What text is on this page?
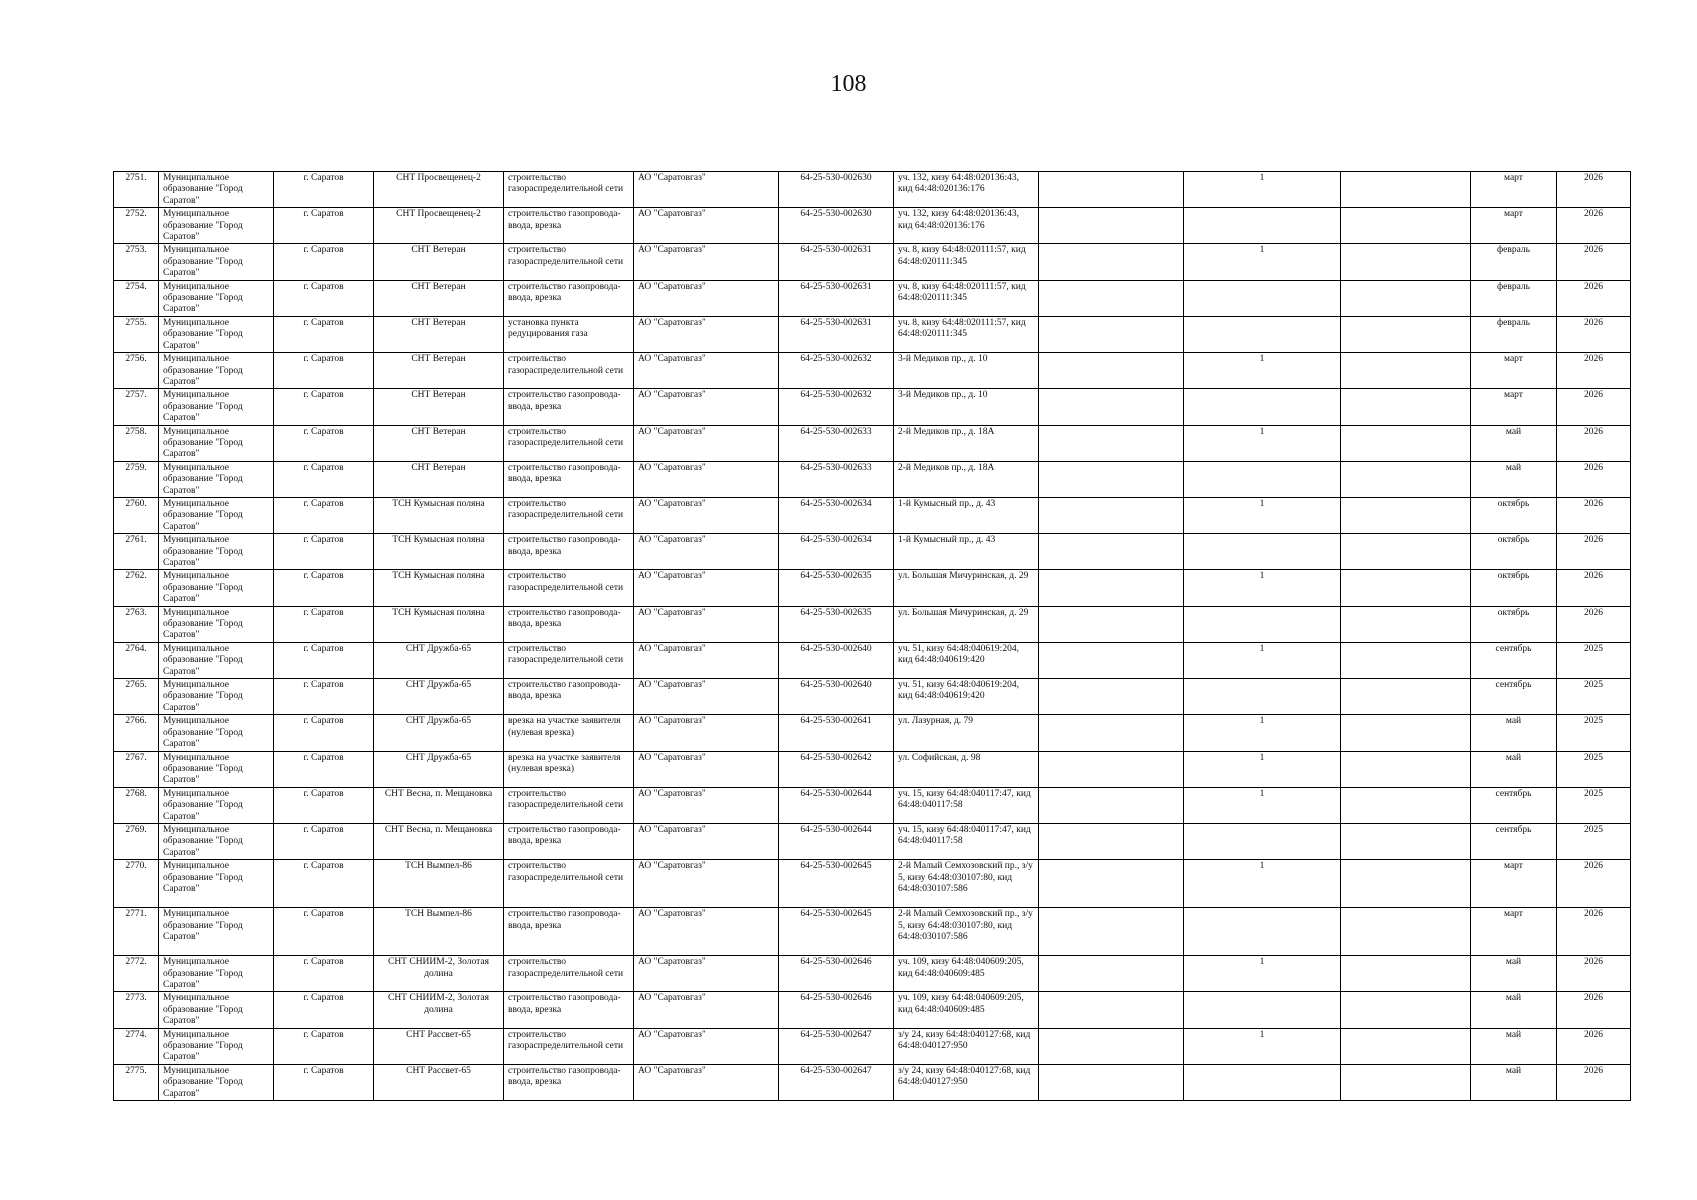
108
2751.	Муниципальное образование "Город Саратов"	г. Саратов	СНТ Просвещенец-2	строительство газораспределительной сети	АО "Саратовгаз"	64-25-530-002630	уч. 132, кизу 64:48:020136:43, кид 64:48:020136:176		1		март	2026
2752.	Муниципальное образование "Город Саратов"	г. Саратов	СНТ Просвещенец-2	строительство газопровода-ввода, врезка	АО "Саратовгаз"	64-25-530-002630	уч. 132, кизу 64:48:020136:43, кид 64:48:020136:176				март	2026
2753.	Муниципальное образование "Город Саратов"	г. Саратов	СНТ Ветеран	строительство газораспределительной сети	АО "Саратовгаз"	64-25-530-002631	уч. 8, кизу 64:48:020111:57, кид 64:48:020111:345		1		февраль	2026
2754.	Муниципальное образование "Город Саратов"	г. Саратов	СНТ Ветеран	строительство газопровода-ввода, врезка	АО "Саратовгаз"	64-25-530-002631	уч. 8, кизу 64:48:020111:57, кид 64:48:020111:345				февраль	2026
2755.	Муниципальное образование "Город Саратов"	г. Саратов	СНТ Ветеран	установка пункта редуцирования газа	АО "Саратовгаз"	64-25-530-002631	уч. 8, кизу 64:48:020111:57, кид 64:48:020111:345				февраль	2026
2756.	Муниципальное образование "Город Саратов"	г. Саратов	СНТ Ветеран	строительство газораспределительной сети	АО "Саратовгаз"	64-25-530-002632	3-й Медиков пр., д. 10		1		март	2026
2757.	Муниципальное образование "Город Саратов"	г. Саратов	СНТ Ветеран	строительство газопровода-ввода, врезка	АО "Саратовгаз"	64-25-530-002632	3-й Медиков пр., д. 10				март	2026
2758.	Муниципальное образование "Город Саратов"	г. Саратов	СНТ Ветеран	строительство газораспределительной сети	АО "Саратовгаз"	64-25-530-002633	2-й Медиков пр., д. 18А		1		май	2026
2759.	Муниципальное образование "Город Саратов"	г. Саратов	СНТ Ветеран	строительство газопровода-ввода, врезка	АО "Саратовгаз"	64-25-530-002633	2-й Медиков пр., д. 18А				май	2026
2760.	Муниципальное образование "Город Саратов"	г. Саратов	ТСН Кумысная поляна	строительство газораспределительной сети	АО "Саратовгаз"	64-25-530-002634	1-й Кумысный пр., д. 43		1		октябрь	2026
2761.	Муниципальное образование "Город Саратов"	г. Саратов	ТСН Кумысная поляна	строительство газопровода-ввода, врезка	АО "Саратовгаз"	64-25-530-002634	1-й Кумысный пр., д. 43				октябрь	2026
2762.	Муниципальное образование "Город Саратов"	г. Саратов	ТСН Кумысная поляна	строительство газораспределительной сети	АО "Саратовгаз"	64-25-530-002635	ул. Большая Мичуринская, д. 29		1		октябрь	2026
2763.	Муниципальное образование "Город Саратов"	г. Саратов	ТСН Кумысная поляна	строительство газопровода-ввода, врезка	АО "Саратовгаз"	64-25-530-002635	ул. Большая Мичуринская, д. 29				октябрь	2026
2764.	Муниципальное образование "Город Саратов"	г. Саратов	СНТ Дружба-65	строительство газораспределительной сети	АО "Саратовгаз"	64-25-530-002640	уч. 51, кизу 64:48:040619:204, кид 64:48:040619:420		1		сентябрь	2025
2765.	Муниципальное образование "Город Саратов"	г. Саратов	СНТ Дружба-65	строительство газопровода-ввода, врезка	АО "Саратовгаз"	64-25-530-002640	уч. 51, кизу 64:48:040619:204, кид 64:48:040619:420				сентябрь	2025
2766.	Муниципальное образование "Город Саратов"	г. Саратов	СНТ Дружба-65	врезка на участке заявителя (нулевая врезка)	АО "Саратовгаз"	64-25-530-002641	ул. Лазурная, д. 79		1		май	2025
2767.	Муниципальное образование "Город Саратов"	г. Саратов	СНТ Дружба-65	врезка на участке заявителя (нулевая врезка)	АО "Саратовгаз"	64-25-530-002642	ул. Софийская, д. 98		1		май	2025
2768.	Муниципальное образование "Город Саратов"	г. Саратов	СНТ Весна, п. Мещановка	строительство газораспределительной сети	АО "Саратовгаз"	64-25-530-002644	уч. 15, кизу 64:48:040117:47, кид 64:48:040117:58		1		сентябрь	2025
2769.	Муниципальное образование "Город Саратов"	г. Саратов	СНТ Весна, п. Мещановка	строительство газопровода-ввода, врезка	АО "Саратовгаз"	64-25-530-002644	уч. 15, кизу 64:48:040117:47, кид 64:48:040117:58				сентябрь	2025
2770.	Муниципальное образование "Город Саратов"	г. Саратов	ТСН Вымпел-86	строительство газораспределительной сети	АО "Саратовгаз"	64-25-530-002645	2-й Малый Семхозовский пр., з/у 5, кизу 64:48:030107:80, кид 64:48:030107:586		1		март	2026
2771.	Муниципальное образование "Город Саратов"	г. Саратов	ТСН Вымпел-86	строительство газопровода-ввода, врезка	АО "Саратовгаз"	64-25-530-002645	2-й Малый Семхозовский пр., з/у 5, кизу 64:48:030107:80, кид 64:48:030107:586				март	2026
2772.	Муниципальное образование "Город Саратов"	г. Саратов	СНТ СНИИМ-2, Золотая долина	строительство газораспределительной сети	АО "Саратовгаз"	64-25-530-002646	уч. 109, кизу 64:48:040609:205, кид 64:48:040609:485		1		май	2026
2773.	Муниципальное образование "Город Саратов"	г. Саратов	СНТ СНИИМ-2, Золотая долина	строительство газопровода-ввода, врезка	АО "Саратовгаз"	64-25-530-002646	уч. 109, кизу 64:48:040609:205, кид 64:48:040609:485				май	2026
2774.	Муниципальное образование "Город Саратов"	г. Саратов	СНТ Рассвет-65	строительство газораспределительной сети	АО "Саратовгаз"	64-25-530-002647	з/у 24, кизу 64:48:040127:68, кид 64:48:040127:950		1		май	2026
2775.	Муниципальное образование "Город Саратов"	г. Саратов	СНТ Рассвет-65	строительство газопровода-ввода, врезка	АО "Саратовгаз"	64-25-530-002647	з/у 24, кизу 64:48:040127:68, кид 64:48:040127:950				май	2026
